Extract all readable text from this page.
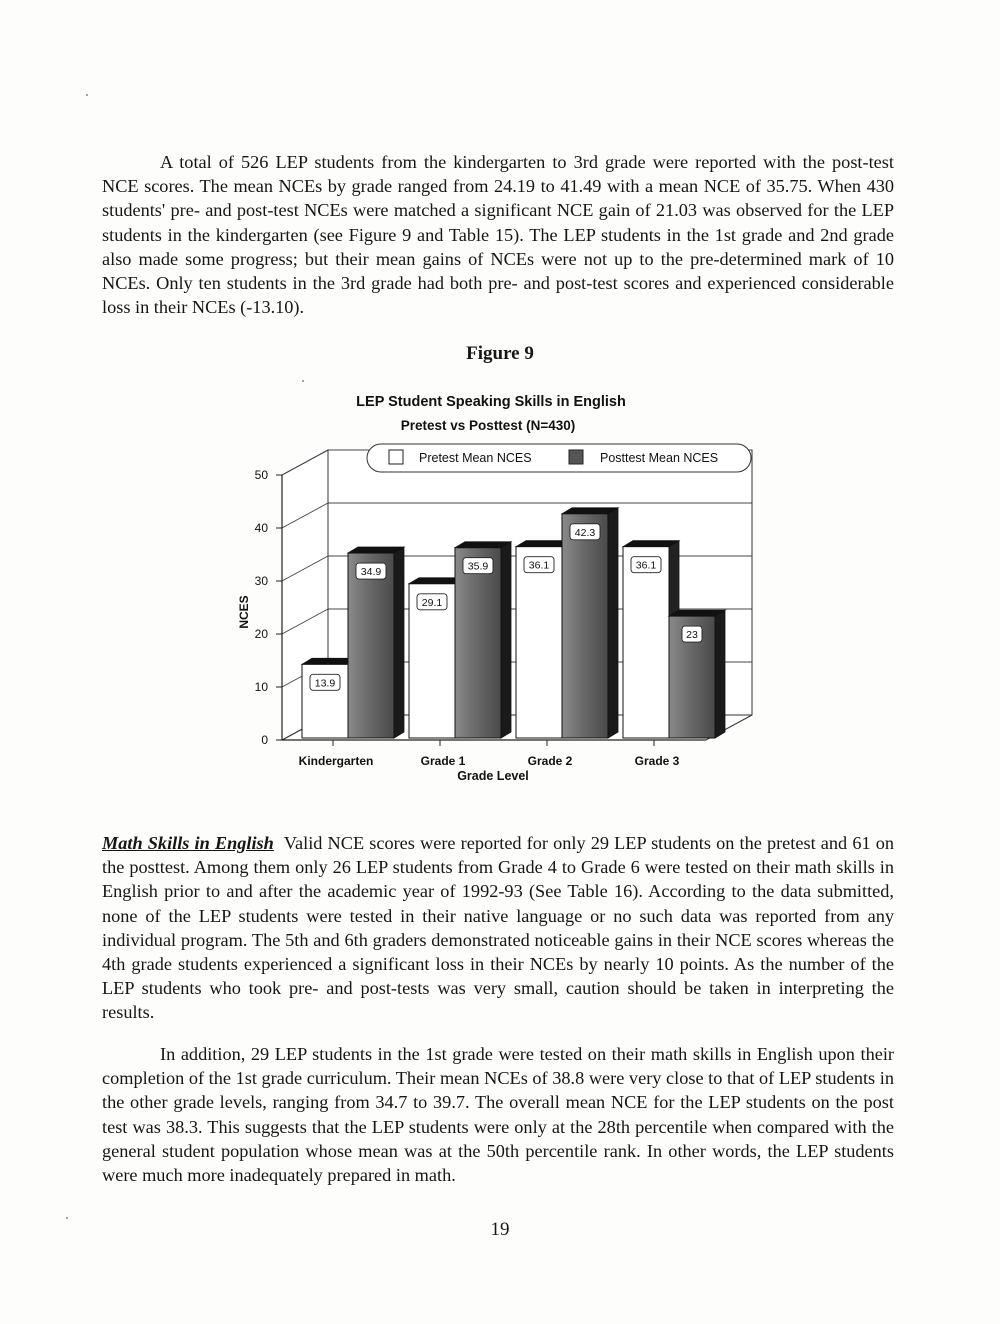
A total of 526 LEP students from the kindergarten to 3rd grade were reported with the post-test NCE scores. The mean NCEs by grade ranged from 24.19 to 41.49 with a mean NCE of 35.75. When 430 students' pre- and post-test NCEs were matched a significant NCE gain of 21.03 was observed for the LEP students in the kindergarten (see Figure 9 and Table 15). The LEP students in the 1st grade and 2nd grade also made some progress; but their mean gains of NCEs were not up to the pre-determined mark of 10 NCEs. Only ten students in the 3rd grade had both pre- and post-test scores and experienced considerable loss in their NCEs (-13.10).

Figure 9
0
10
20
30
40
50
13.9
34.9
Kindergarten
29.1
35.9
Grade 1
36.1
42.3
Grade 2
36.1
23
Grade 3
LEP Student Speaking Skills in English
Pretest vs Posttest (N=430)
Grade Level
NCES
Pretest Mean NCES	Posttest Mean NCES

Math Skills in English Valid NCE scores were reported for only 29 LEP students on the pretest and 61 on the posttest. Among them only 26 LEP students from Grade 4 to Grade 6 were tested on their math skills in English prior to and after the academic year of 1992-93 (See Table 16). According to the data submitted, none of the LEP students were tested in their native language or no such data was reported from any individual program. The 5th and 6th graders demonstrated noticeable gains in their NCE scores whereas the 4th grade students experienced a significant loss in their NCEs by nearly 10 points. As the number of the LEP students who took pre- and post-tests was very small, caution should be taken in interpreting the results.

In addition, 29 LEP students in the 1st grade were tested on their math skills in English upon their completion of the 1st grade curriculum. Their mean NCEs of 38.8 were very close to that of LEP students in the other grade levels, ranging from 34.7 to 39.7. The overall mean NCE for the LEP students on the post test was 38.3. This suggests that the LEP students were only at the 28th percentile when compared with the general student population whose mean was at the 50th percentile rank. In other words, the LEP students were much more inadequately prepared in math.

19
